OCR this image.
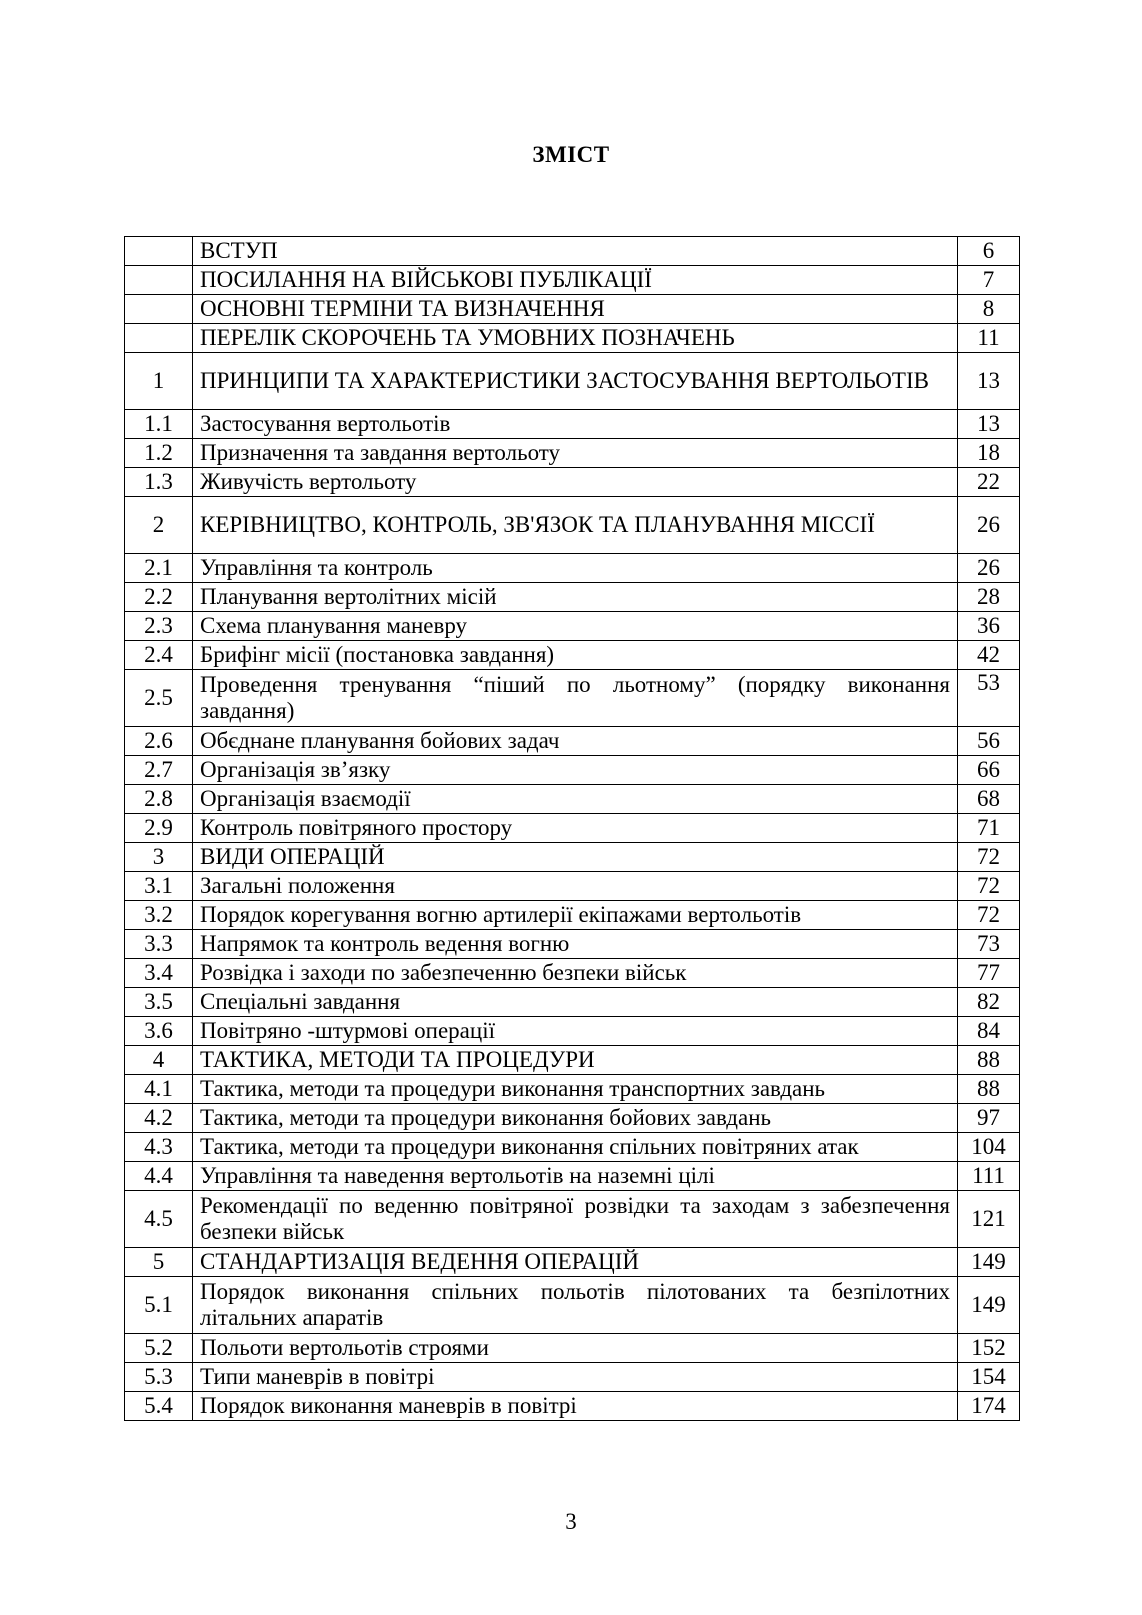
ЗМІСТ
	ВСТУП	6
	ПОСИЛАННЯ НА ВІЙСЬКОВІ ПУБЛІКАЦІЇ	7
	ОСНОВНІ ТЕРМІНИ ТА ВИЗНАЧЕННЯ	8
	ПЕРЕЛІК СКОРОЧЕНЬ ТА УМОВНИХ ПОЗНАЧЕНЬ	11
1	ПРИНЦИПИ ТА ХАРАКТЕРИСТИКИ ЗАСТОСУВАННЯ ВЕРТОЛЬОТІВ	13
1.1	Застосування вертольотів	13
1.2	Призначення та завдання вертольоту	18
1.3	Живучість вертольоту	22
2	КЕРІВНИЦТВО, КОНТРОЛЬ, ЗВ'ЯЗОК ТА ПЛАНУВАННЯ МІССІЇ	26
2.1	Управління та контроль	26
2.2	Планування вертолітних місій	28
2.3	Схема планування маневру	36
2.4	Брифінг місії (постановка завдання)	42
2.5	Проведення тренування “піший по льотному” (порядку виконання завдання)	53
2.6	Обєднане планування бойових задач	56
2.7	Організація зв’язку	66
2.8	Організація взаємодії	68
2.9	Контроль повітряного простору	71
3	ВИДИ ОПЕРАЦІЙ	72
3.1	Загальні положення	72
3.2	Порядок корегування вогню артилерії екіпажами вертольотів	72
3.3	Напрямок та контроль ведення вогню	73
3.4	Розвідка і заходи по забезпеченню безпеки військ	77
3.5	Спеціальні завдання	82
3.6	Повітряно -штурмові операції	84
4	ТАКТИКА, МЕТОДИ ТА ПРОЦЕДУРИ	88
4.1	Тактика, методи та процедури виконання транспортних завдань	88
4.2	Тактика, методи та процедури виконання бойових завдань	97
4.3	Тактика, методи та процедури виконання спільних повітряних атак	104
4.4	Управління та наведення вертольотів на наземні цілі	111
4.5	Рекомендації по веденню повітряної розвідки та заходам з забезпечення безпеки військ	121
5	СТАНДАРТИЗАЦІЯ ВЕДЕННЯ ОПЕРАЦІЙ	149
5.1	Порядок виконання спільних польотів пілотованих та безпілотних літальних апаратів	149
5.2	Польоти вертольотів строями	152
5.3	Типи маневрів в повітрі	154
5.4	Порядок виконання маневрів в повітрі	174
3
